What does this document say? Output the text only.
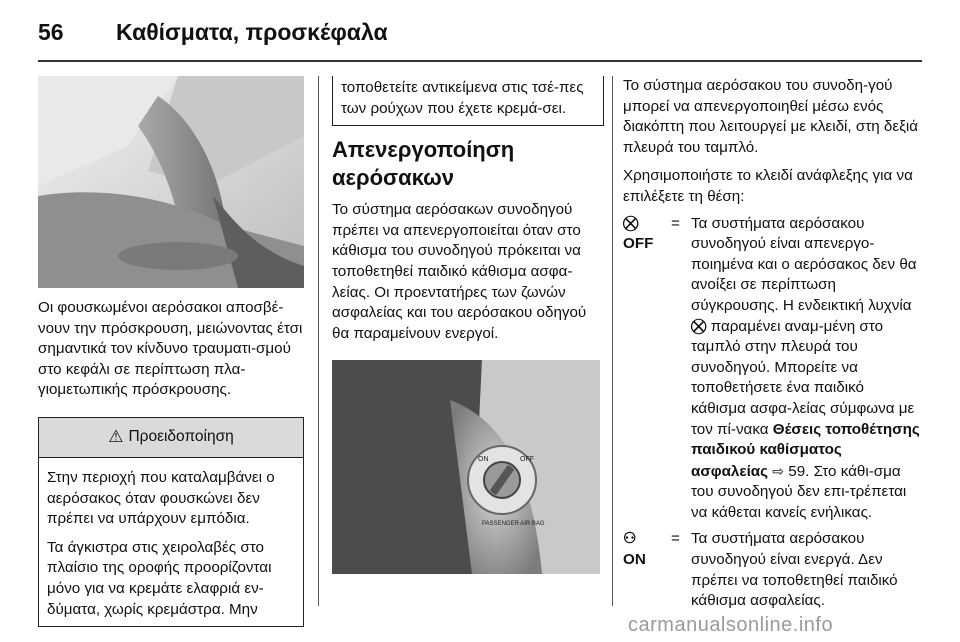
56 Καθίσματα, προσκέφαλα

Οι φουσκωμένοι αερόσακοι αποσβέ-νουν την πρόσκρουση, μειώνοντας έτσι σημαντικά τον κίνδυνο τραυματι-σμού στο κεφάλι σε περίπτωση πλα-γιομετωπικής πρόσκρουσης.

⚠ Προειδοποίηση

Στην περιοχή που καταλαμβάνει ο αερόσακος όταν φουσκώνει δεν πρέπει να υπάρχουν εμπόδια.

Τα άγκιστρα στις χειρολαβές στο πλαίσιο της οροφής προορίζονται μόνο για να κρεμάτε ελαφριά εν-δύματα, χωρίς κρεμάστρα. Μην

τοποθετείτε αντικείμενα στις τσέ-πες των ρούχων που έχετε κρεμά-σει.

Απενεργοποίηση αερόσακων

Το σύστημα αερόσακων συνοδηγού πρέπει να απενεργοποιείται όταν στο κάθισμα του συνοδηγού πρόκειται να τοποθετηθεί παιδικό κάθισμα ασφα-λείας. Οι προεντατήρες των ζωνών ασφαλείας και του αερόσακου οδηγού θα παραμείνουν ενεργοί.

ON	OFF
PASSENGER AIR BAG

Το σύστημα αερόσακου του συνοδη-γού μπορεί να απενεργοποιηθεί μέσω ενός διακόπτη που λειτουργεί με κλειδί, στη δεξιά πλευρά του ταμπλό.

Χρησιμοποιήστε το κλειδί ανάφλεξης για να επιλέξετε τη θέση:

⛒
OFF
= Τα συστήματα αερόσακου συνοδηγού είναι απενεργο-ποιημένα και ο αερόσακος δεν θα ανοίξει σε περίπτωση σύγκρουσης. Η ενδεικτική λυχνία ⛒ παραμένει αναμ-μένη στο ταμπλό στην πλευρά του συνοδηγού. Μπορείτε να τοποθετήσετε ένα παιδικό κάθισμα ασφα-λείας σύμφωνα με τον πί-νακα Θέσεις τοποθέτησης παιδικού καθίσματος ασφαλείας ⇨ 59. Στο κάθι-σμα του συνοδηγού δεν επι-τρέπεται να κάθεται κανείς ενήλικας.
⚇
ON
= Τα συστήματα αερόσακου συνοδηγού είναι ενεργά. Δεν πρέπει να τοποθετηθεί παιδικό κάθισμα ασφαλείας.
carmanualsonline.info
